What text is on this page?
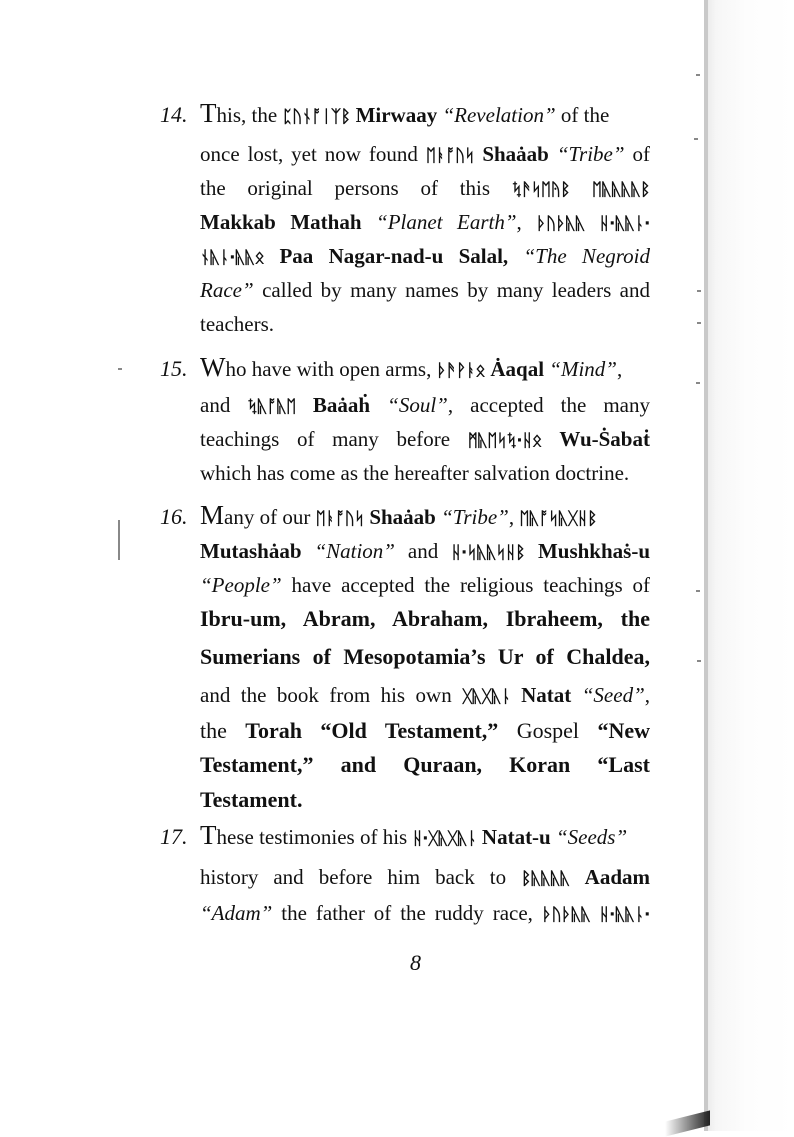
14. This, the ᛈᚢᚾᚩᛁᛉᛒ Mirwaay “Revelation” of the
once lost, yet now found ᛖᚭᚩᚢᛋ Shaȧab “Tribe” of
the original persons of this ᛪᚫᛋᛖᚤᛒ ᛖᚣᚣᚣᚣᛒ
Makkab Mathah “Planet Earth”, ᚦᚢᚦᚣᚣ ᚺ·ᚣᚣᚿ·
ᚾᚣᚿ·ᚣᚣᛟ Paa Nagar-nad-u Salal, “The Negroid
Race” called by many names by many leaders and
teachers.
15. Who have with open arms, ᚦᚫᚹᚭᛟ Ȧaqal “Mind”,
and ᛪᚣᚩᚣᛖ Baȧaḣ “Soul”, accepted the many
teachings of many before ᛗᚣᛖᛋᛪ·ᚺᛟ Wu-Ṡabaṫ
which has come as the hereafter salvation doctrine.
16. Many of our ᛖᚭᚩᚢᛋ Shaȧab “Tribe”, ᛖᚣᚩᛋᚣᚷᚺᛒ
Mutashȧab “Nation” and ᚺ·ᛋᚣᚣᛋᚺᛒ Mushkhaṡ-u
“People” have accepted the religious teachings of
Ibru-um, Abram, Abraham, Ibraheem, the
Sumerians of Mesopotamia’s Ur of Chaldea,
and the book from his own ᚷᚣᚷᚣᚿ Natat “Seed”,
the Torah “Old Testament,” Gospel “New
Testament,” and Quraan, Koran “Last
Testament.
17. These testimonies of his ᚺ·ᚷᚣᚷᚣᚿ Natat-u “Seeds”
history and before him back to ᛒᚣᚣᚣᚣ Aadam
“Adam” the father of the ruddy race, ᚦᚢᚦᚣᚣ ᚺ·ᚣᚣᚿ·
8
